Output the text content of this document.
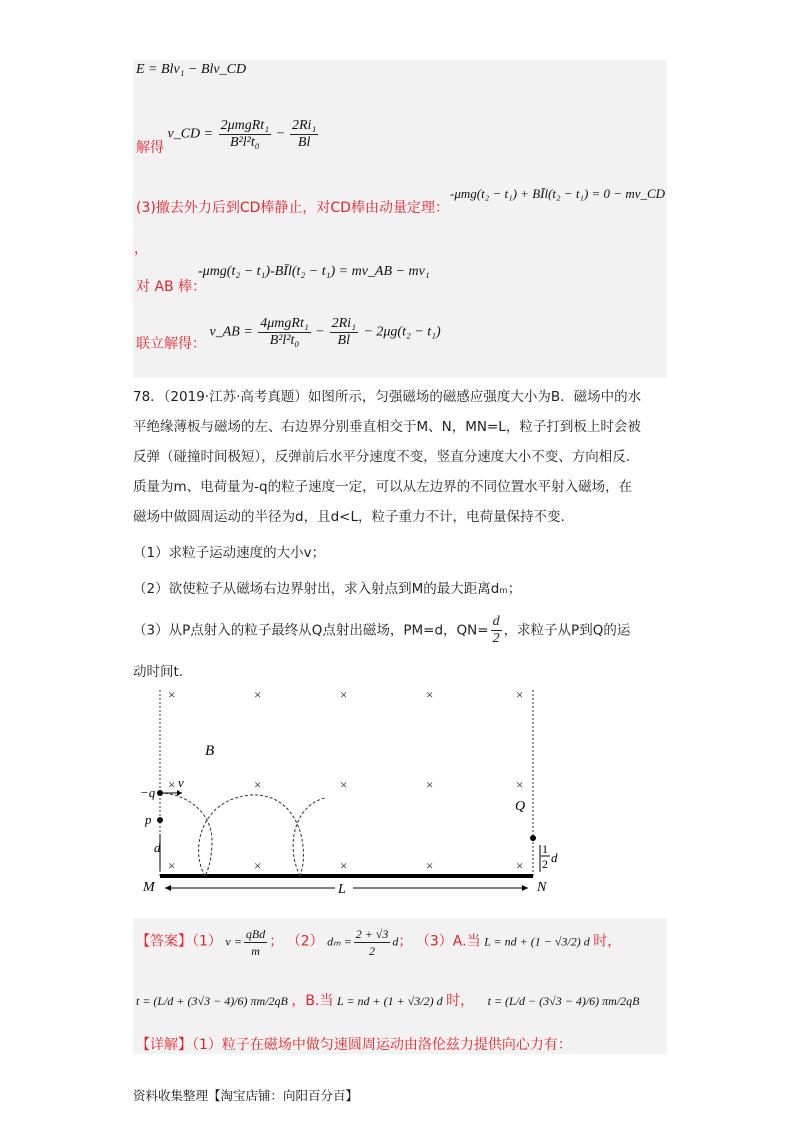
E = Blv₁ − Blv_CD
解得 v_CD =
2μmgRt₁
B²l²t₀
− $\frac{\text{2Ri₁}}{Bl}$
(3)撤去外力后到CD棒静止，对CD棒由动量定理：
-μmg(t₂ − t₁) + BĪl(t₂ − t₁) = 0 − mv_CD
，
对 AB 棒：
-μmg(t₂ − t₁)-BĪl(t₂ − t₁) = mv_AB − mv₁
联立解得： v_AB =
4μmgRt₁
B²l²t₀
− $\frac{\text{2Ri₁}}{Bl} - 2\mu g(t_2 - t_1)$
78．（2019·江苏·高考真题）如图所示，匀强磁场的磁感应强度大小为B．磁场中的水
平绝缘薄板与磁场的左、右边界分别垂直相交于M、N，MN=L，粒子打到板上时会被
反弹（碰撞时间极短），反弹前后水平分速度不变，竖直分速度大小不变、方向相反.
质量为m、电荷量为-q的粒子速度一定，可以从左边界的不同位置水平射入磁场，在
磁场中做圆周运动的半径为d，且d<L，粒子重力不计，电荷量保持不变.
（1）求粒子运动速度的大小v；
（2）欲使粒子从磁场右边界射出，求入射点到M的最大距离dₘ；
（3）从P点射入的粒子最终从Q点射出磁场，PM=d，$QN= \frac{d}{2}$ ，求粒子从P到Q的运
动时间t.
×	×	×	×	×
×	×	×	×	×
×	×	×	×	×
B
−q
v
p
d
Q
1
2 d
M	N
L
【答案】（1） v =
qBd
m
； （2） $d_m = \frac{2 + √3}{2}$ d； （3）A.当 L = nd + (1 − √3/2) d 时，
t = (L/d + (3√3 − 4)/6) πm/2qB ，B.当 L = nd + (1 + √3/2) d 时， t = (L/d − (3√3 − 4)/6) πm/2qB
【详解】（1）粒子在磁场中做匀速圆周运动由洛伦兹力提供向心力有：
资料收集整理【淘宝店铺：向阳百分百】
